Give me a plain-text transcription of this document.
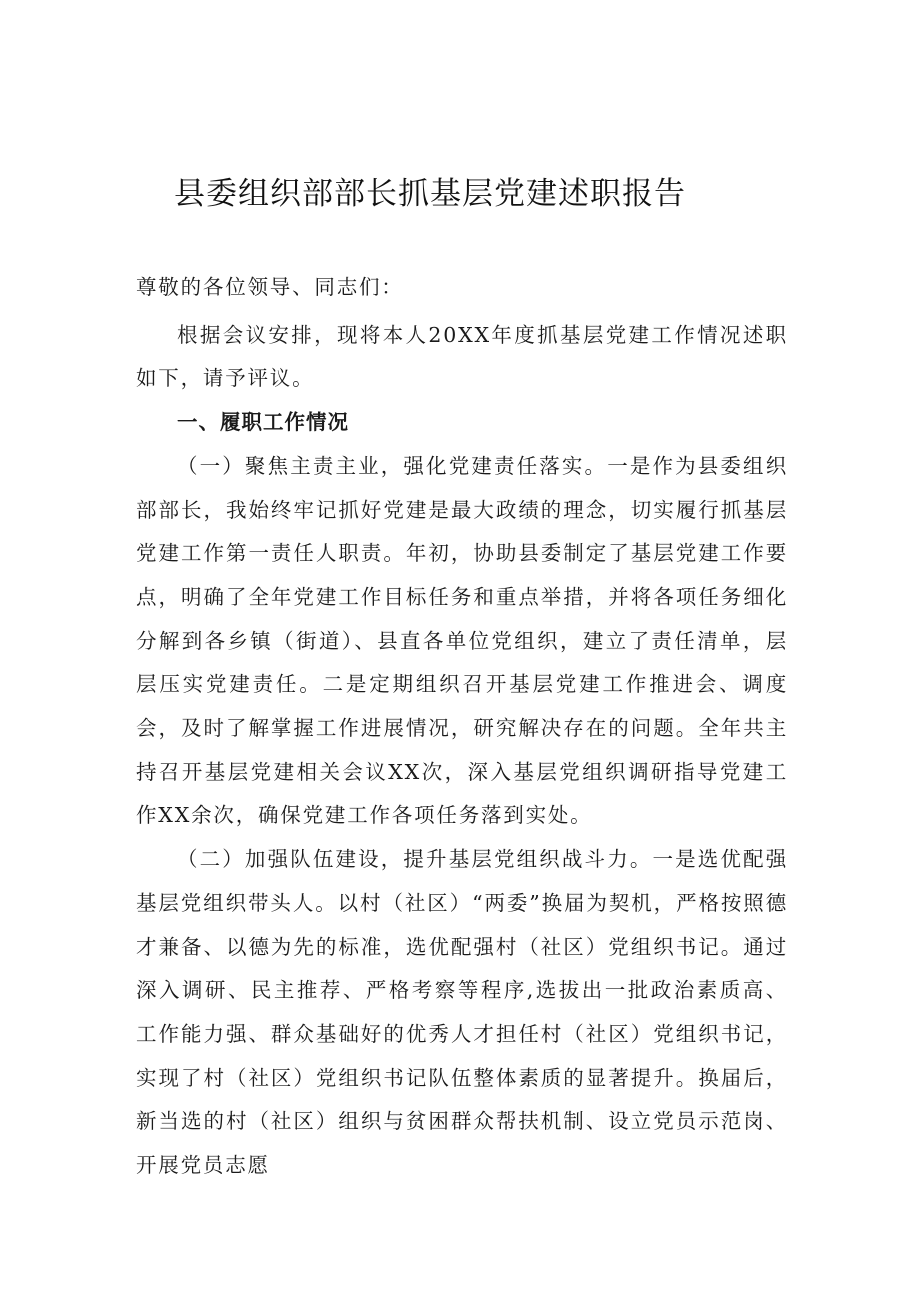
县委组织部部长抓基层党建述职报告

尊敬的各位领导、同志们：

根据会议安排，现将本人20XX年度抓基层党建工作情况述职如下，请予评议。

一、履职工作情况

（一）聚焦主责主业，强化党建责任落实。一是作为县委组织部部长，我始终牢记抓好党建是最大政绩的理念，切实履行抓基层党建工作第一责任人职责。年初，协助县委制定了基层党建工作要点，明确了全年党建工作目标任务和重点举措，并将各项任务细化分解到各乡镇（街道）、县直各单位党组织，建立了责任清单，层层压实党建责任。二是定期组织召开基层党建工作推进会、调度会，及时了解掌握工作进展情况，研究解决存在的问题。全年共主持召开基层党建相关会议XX次，深入基层党组织调研指导党建工作XX余次，确保党建工作各项任务落到实处。

（二）加强队伍建设，提升基层党组织战斗力。一是选优配强基层党组织带头人。以村（社区）“两委”换届为契机，严格按照德才兼备、以德为先的标准，选优配强村（社区）党组织书记。通过深入调研、民主推荐、严格考察等程序,选拔出一批政治素质高、工作能力强、群众基础好的优秀人才担任村（社区）党组织书记，实现了村（社区）党组织书记队伍整体素质的显著提升。换届后，新当选的村（社区）组织与贫困群众帮扶机制、设立党员示范岗、开展党员志愿
